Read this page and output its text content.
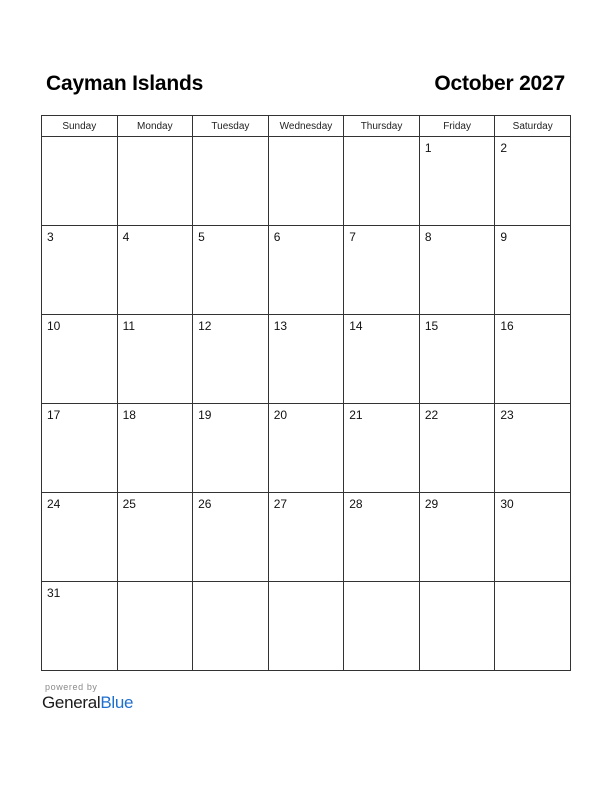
Cayman Islands	October 2027
Sunday	Monday	Tuesday	Wednesday	Thursday	Friday	Saturday

					1	2

3	4	5	6	7	8	9

10	11	12	13	14	15	16

17	18	19	20	21	22	23

24	25	26	27	28	29	30

31						

powered by
GeneralBlue
